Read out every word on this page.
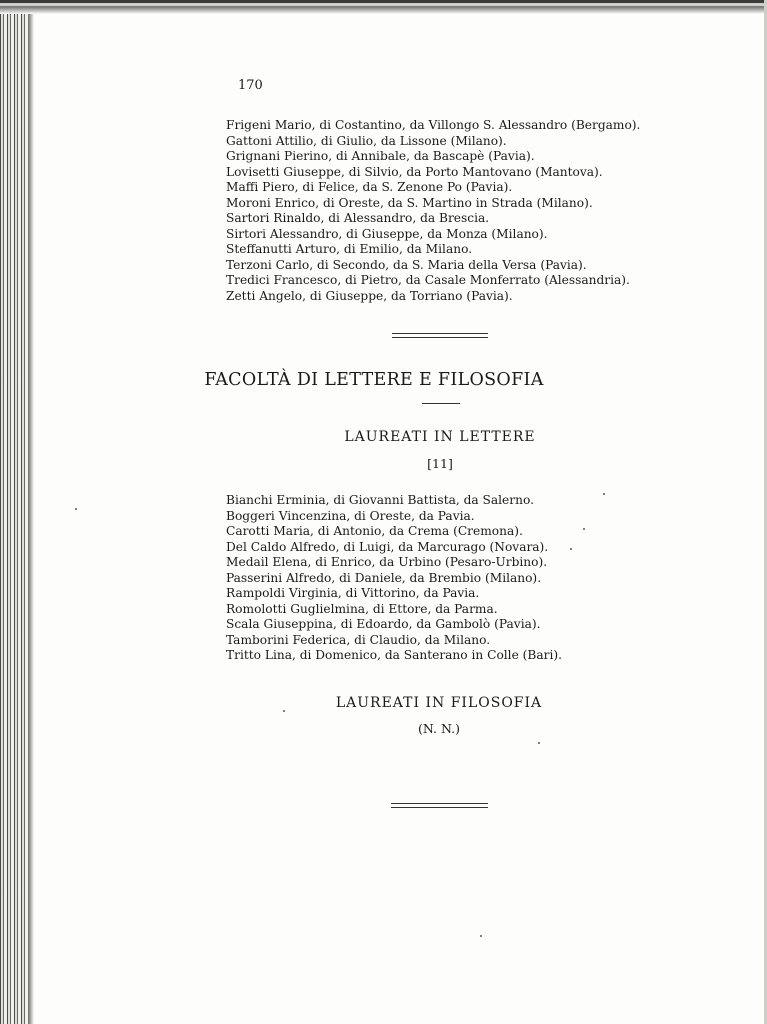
170
Frigeni Mario, di Costantino, da Villongo S. Alessandro (Bergamo).
Gattoni Attilio, di Giulio, da Lissone (Milano).
Grignani Pierino, di Annibale, da Bascapè (Pavia).
Lovisetti Giuseppe, di Silvio, da Porto Mantovano (Mantova).
Maffi Piero, di Felice, da S. Zenone Po (Pavia).
Moroni Enrico, di Oreste, da S. Martino in Strada (Milano).
Sartori Rinaldo, di Alessandro, da Brescia.
Sirtori Alessandro, di Giuseppe, da Monza (Milano).
Steffanutti Arturo, di Emilio, da Milano.
Terzoni Carlo, di Secondo, da S. Maria della Versa (Pavia).
Tredici Francesco, di Pietro, da Casale Monferrato (Alessandria).
Zetti Angelo, di Giuseppe, da Torriano (Pavia).
FACOLTÀ DI LETTERE E FILOSOFIA
LAUREATI IN LETTERE
[11]
Bianchi Erminia, di Giovanni Battista, da Salerno.
Boggeri Vincenzina, di Oreste, da Pavia.
Carotti Maria, di Antonio, da Crema (Cremona).
Del Caldo Alfredo, di Luigi, da Marcurago (Novara).
Medail Elena, di Enrico, da Urbino (Pesaro-Urbino).
Passerini Alfredo, di Daniele, da Brembio (Milano).
Rampoldi Virginia, di Vittorino, da Pavia.
Romolotti Guglielmina, di Ettore, da Parma.
Scala Giuseppina, di Edoardo, da Gambolò (Pavia).
Tamborini Federica, di Claudio, da Milano.
Tritto Lina, di Domenico, da Santerano in Colle (Bari).
LAUREATI IN FILOSOFIA
(N. N.)
